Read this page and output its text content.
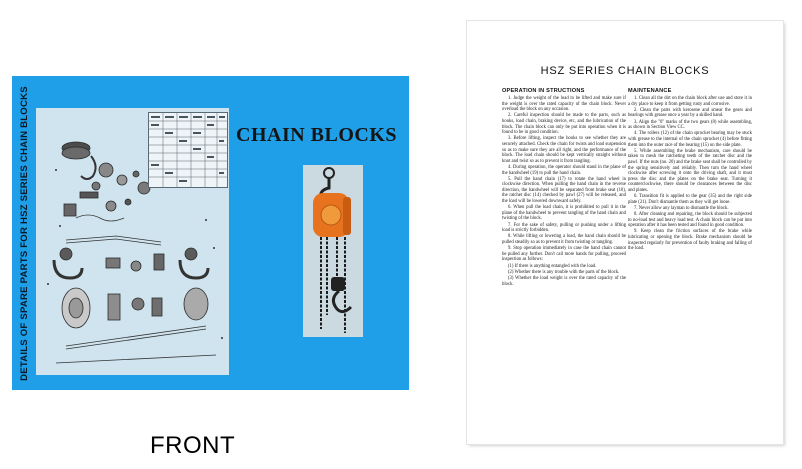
DETAILS OF SPARE PARTS FOR HSZ SERIES CHAIN BLOCKS	CHAIN BLOCKS
FRONT
HSZ SERIES CHAIN BLOCKS
OPERATION IN STRUCTIONS

1. Judge the weight of the load to be lifted and make sure if the weight is over the rated capacity of the chain block. Never overload the block on any occasion.

2. Careful inspection should be made to the parts, such as hooks, load chain, braking device, etc, and the lubrication of the block. The chain block can only be put into operation when it is found to be in good condition.

3. Before lifting, inspect the hooks to see whether they are securely attached. Check the chain for twists and load suspension so as to make sure they are all right, and the performance of the block. The load chain should be kept vertically straight without knot and twist so as to prevent it from tangling.

4. During operation, the operator should stand in the plane of the handwheel (19) to pull the hand chain.

5. Pull the hand chain (17) to rotate the hand wheel in clockwise direction. When pulling the hand chain in the reverse direction, the handwheel will be separated from brake seat (10), the ratchet disc (14) checked by pawl (27) will be released, and the load will be lowered downward safely.

6. When pull the load chain, it is prohibited to pull it in the plane of the handwheel to prevent tangling of the hand chain and twisting of the block.

7. For the sake of safety, pulling or pushing under a lifting load is strictly forbidden.

8. While lifting or lowering a load, the hand chain should be pulled steadily so as to prevent it from twisting or tangling.

9. Stop operation immediately in case the hand chain cannot be pulled any further. Don't call more hands for pulling, proceed inspection as follows:

(1) If there is anything entangled with the load.

(2) Whether there is any trouble with the parts of the block.

(3) Whether the load weight is over the rated capacity of the block.

MAINTENANCE

1. Clean all the dirt on the chain block after use and store it in a dry place to keep it from getting rusty and corrosive.

2. Clean the parts with kerosene and smear the gears and bearings with grease once a year by a skilled hand.

3. Align the "0" marks of the two gears (8) while assembling, as shown in Section View CC.

4. The rollers (12) of the chain sprocket bearing may be stuck with grease to the internal of the chain sprocket (4) before fitting them into the outer race of the bearing (15) on the side plate.

5. While assembling the brake mechanism, care should be taken to mesh the ratcheting teeth of the ratchet disc and the pawl. If the nuts (no. 20) and the brake seat shall be controlled by the spring sensitively and reliably. Then turn the hand wheel clockwise after screwing it onto the driving shaft, and it must press the disc and the plates on the brake seat. Turning it counterclockwise, there should be clearances between the disc and plates.

6. Transition fit is applied to the gear (35) and the right side plate (21). Don't dismantle them as they will get loose.

7. Never allow any layman to dismantle the block.

8. After cleaning and repairing, the block should be subjected to no-load test and heavy load test. A chain block can be put into operation after it has been tested and found in good condition.

9. Keep clean the friction surfaces of the brake while lubricating or opening the block. Brake mechanism should be inspected regularly for prevention of faulty braking and falling of the load.
